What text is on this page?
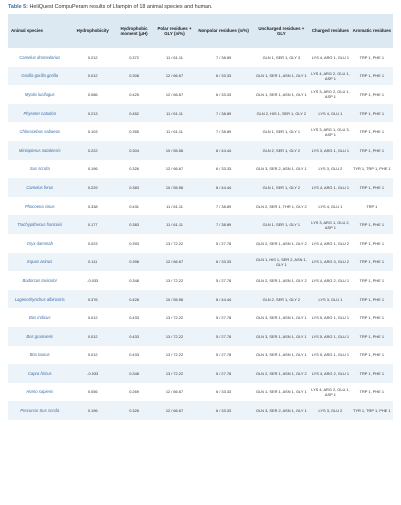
Table 5: HeliQuest CompuPeram results of Lfampin of 18 animal species and human.
Animal species	Hydrophobicity	Hydrophobic moment (μH)	Polar residues + GLY (n/%)	Nonpolar residues (n/%)	Uncharged residues + GLY	Charged residues	Aromatic residues
Camelus dromedarius	0.212	0.372	11 / 61.11	7 / 38.89	GLN 1, SER 1, GLY 3	LYS 4, ARG 1, GLU 1	TRP 1, PHE 1
Gorilla gorilla gorilla	0.012	0.308	12 / 66.67	6 / 33.33	GLN 1, SER 1, ASN 1, GLY 1	LYS 4, ARG 2, GLU 1, ASP 1	TRP 1, PHE 1
Myotis lucifugus	0.086	0.425	12 / 66.67	6 / 33.33	GLN 1, SER 1, ASN 1, GLY 1	LYS 3, ARG 2, GLU 1, ASP 1	TRP 1, PHE 1
Physeter catodon	0.213	0.452	11 / 61.11	7 / 38.89	GLN 2, HIS 1, SER 1, GLY 2	LYS 4, GLU 1	TRP 1, PHE 1
Chlorocebus sabaeus	0.103	0.355	11 / 61.11	7 / 38.89	GLN 1, SER 1, GLY 1	LYS 3, ARG 1, GLU 3, ASP 1	TRP 1, PHE 1
Miniopterus natalensis	0.222	0.304	10 / 55.56	8 / 44.44	GLN 2, SER 1, GLY 2	LYS 3, ARG 1, GLU 1	TRP 1, PHE 1
Sus scrofa	0.196	0.326	12 / 66.67	6 / 33.33	GLN 3, SER 2, ASN 1, GLY 1	LYS 3, GLU 2	TYR 1, TRP 1, PHE 1
Camelus ferus	0.229	0.383	10 / 55.56	8 / 44.44	GLN 1, SER 1, GLY 2	LYS 4, ARG 1, GLU 1	TRP 1, PHE 1
Phocoena sinus	0.338	0.431	11 / 61.11	7 / 38.89	GLN 2, SER 1, THR 1, GLY 2	LYS 4, GLU 1	TRP 1
Trachypithecus francoisi	0.177	0.383	11 / 61.11	7 / 38.89	GLN 1, SER 1, GLY 1	LYS 3, ARG 1, GLU 2, ASP 1	TRP 1, PHE 1
Oryx dammah	0.023	0.393	13 / 72.22	5 / 27.78	GLN 2, SER 1, ASN 1, GLY 2	LYS 4, ARG 1, GLU 2	TRP 1, PHE 1
Equus asinus	0.111	0.398	12 / 66.67	6 / 33.33	GLN 1, HIS 1, SER 2, ASN 1, GLY 1	LYS 1, ARG 3, GLU 2	TRP 1, PHE 1
Budorcas taxicolor	-0.033	0.348	13 / 72.22	5 / 27.78	GLN 2, SER 1, ASN 1, GLY 2	LYS 4, ARG 2, GLU 1	TRP 1, PHE 1
Lagenorhynchus albirostris	0.376	0.428	10 / 55.56	8 / 44.44	GLN 2, SER 1, GLY 2	LYS 3, GLU 1	TRP 1, PHE 1
Bos indicus	0.012	0.433	13 / 72.22	5 / 27.78	GLN 3, SER 1, ASN 1, GLY 1	LYS 5, ARG 1, GLU 1	TRP 1, PHE 1
Bos grunniens	0.012	0.433	13 / 72.22	5 / 27.78	GLN 3, SER 1, ASN 1, GLY 1	LYS 5, ARG 1, GLU 1	TRP 1, PHE 1
Bos taurus	0.012	0.433	13 / 72.22	5 / 27.78	GLN 3, SER 1, ASN 1, GLY 1	LYS 5, ARG 1, GLU 1	TRP 1, PHE 1
Capra hircus	-0.033	0.348	13 / 72.22	5 / 27.78	GLN 2, SER 1, ASN 1, GLY 2	LYS 4, ARG 2, GLU 1	TRP 1, PHE 1
Homo sapiens	0.056	0.269	12 / 66.67	6 / 33.33	GLN 1, SER 1, ASN 1, GLY 1	LYS 4, ARG 2, GLU 1, ASP 1	TRP 1, PHE 1
Precursor Sus scrofa	0.196	0.326	12 / 66.67	6 / 33.33	GLN 3, SER 2, ASN 1, GLY 1	LYS 3, GLU 2	TYR 1, TRP 1, PHE 1
